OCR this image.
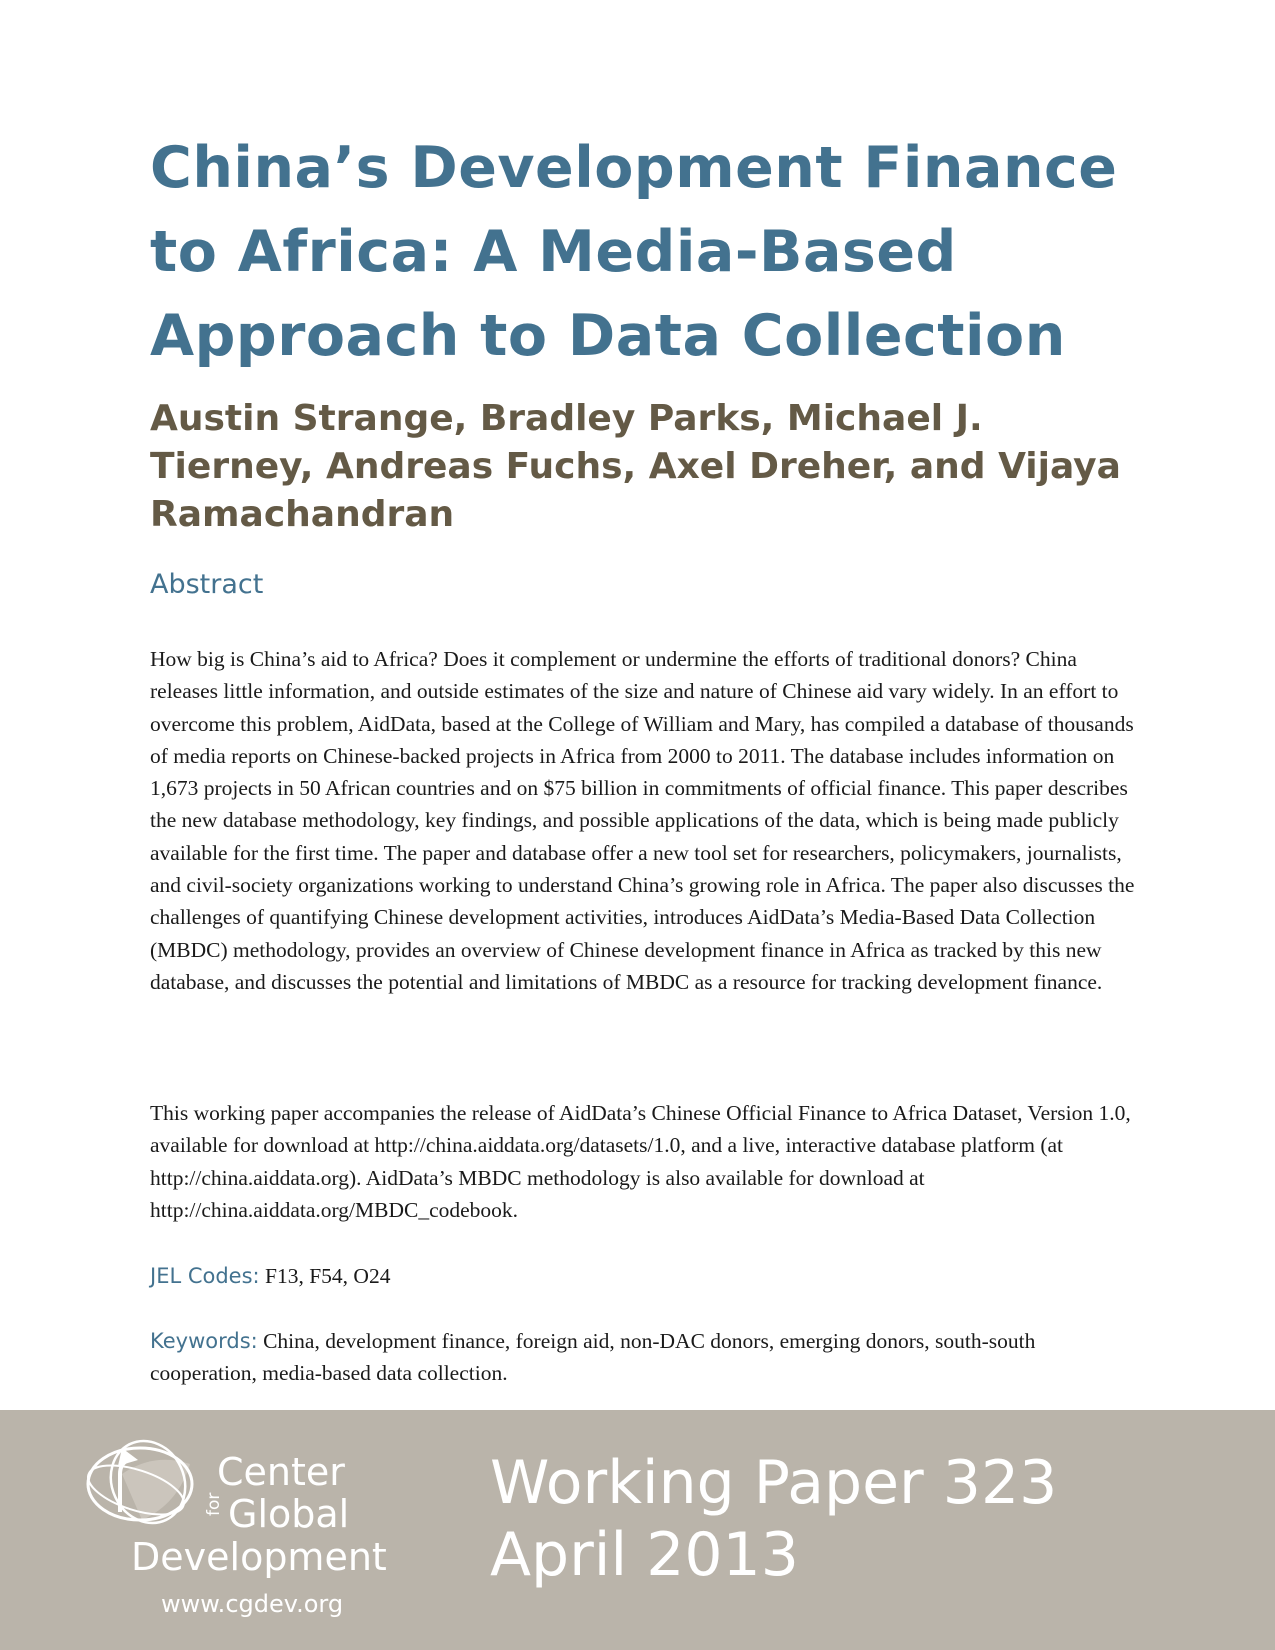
China’s Development Finance to Africa: A Media-Based Approach to Data Collection
Austin Strange, Bradley Parks, Michael J. Tierney, Andreas Fuchs, Axel Dreher, and Vijaya Ramachandran
Abstract

How big is China’s aid to Africa? Does it complement or undermine the efforts of traditional donors? China releases little information, and outside estimates of the size and nature of Chinese aid vary widely. In an effort to overcome this problem, AidData, based at the College of William and Mary, has compiled a database of thousands of media reports on Chinese-backed projects in Africa from 2000 to 2011. The database includes information on 1,673 projects in 50 African countries and on $75 billion in commitments of official finance. This paper describes the new database methodology, key findings, and possible applications of the data, which is being made publicly available for the first time. The paper and database offer a new tool set for researchers, policymakers, journalists, and civil-society organizations working to understand China’s growing role in Africa. The paper also discusses the challenges of quantifying Chinese development activities, introduces AidData’s Media-Based Data Collection (MBDC) methodology, provides an overview of Chinese development finance in Africa as tracked by this new database, and discusses the potential and limitations of MBDC as a resource for tracking development finance.

This working paper accompanies the release of AidData’s Chinese Official Finance to Africa Dataset, Version 1.0, available for download at http://china.aiddata.org/datasets/1.0, and a live, interactive database platform (at http://china.aiddata.org). AidData’s MBDC methodology is also available for download at http://china.aiddata.org/MBDC_codebook.

JEL Codes: F13, F54, O24

Keywords: China, development finance, foreign aid, non-DAC donors, emerging donors, south-south cooperation, media-based data collection.

Center

for Global

Development

www.cgdev.org

Working Paper 323

April 2013
